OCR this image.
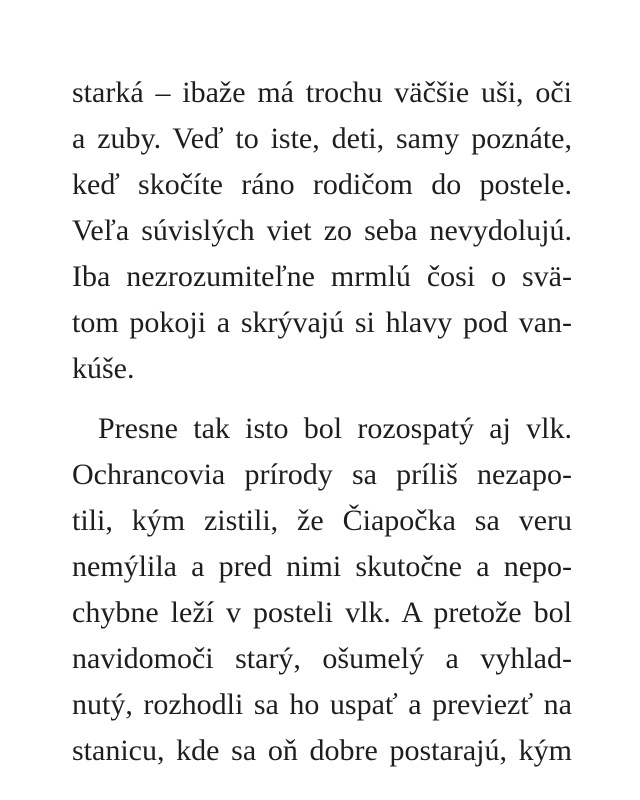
starká – ibaže má trochu väčšie uši, oči
a zuby. Veď to iste, deti, samy poznáte,
keď skočíte ráno rodičom do postele.
Veľa súvislých viet zo seba nevydolujú.
Iba nezrozumiteľne mrmlú čosi o svä-
tom pokoji a skrývajú si hlavy pod van-
kúše.
Presne tak isto bol rozospatý aj vlk.
Ochrancovia prírody sa príliš nezapo-
tili, kým zistili, že Čiapočka sa veru
nemýlila a pred nimi skutočne a nepo-
chybne leží v posteli vlk. A pretože bol
navidomoči starý, ošumelý a vyhlad-
nutý, rozhodli sa ho uspať a previezť na
stanicu, kde sa oň dobre postarajú, kým
